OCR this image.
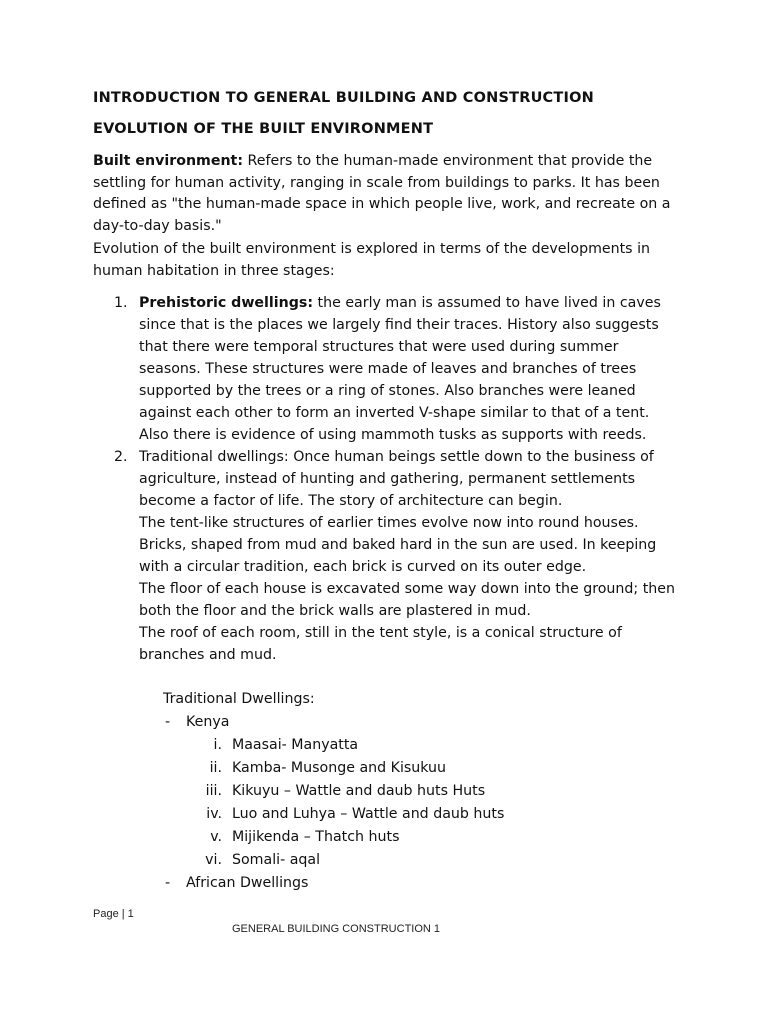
INTRODUCTION TO GENERAL BUILDING AND CONSTRUCTION
EVOLUTION OF THE BUILT ENVIRONMENT
Built environment: Refers to the human-made environment that provide the settling for human activity, ranging in scale from buildings to parks. It has been defined as "the human-made space in which people live, work, and recreate on a day-to-day basis."
Evolution of the built environment is explored in terms of the developments in human habitation in three stages:
1. Prehistoric dwellings: the early man is assumed to have lived in caves since that is the places we largely find their traces. History also suggests that there were temporal structures that were used during summer seasons. These structures were made of leaves and branches of trees supported by the trees or a ring of stones. Also branches were leaned against each other to form an inverted V-shape similar to that of a tent. Also there is evidence of using mammoth tusks as supports with reeds.
2. Traditional dwellings: Once human beings settle down to the business of agriculture, instead of hunting and gathering, permanent settlements become a factor of life. The story of architecture can begin.
The tent-like structures of earlier times evolve now into round houses. Bricks, shaped from mud and baked hard in the sun are used. In keeping with a circular tradition, each brick is curved on its outer edge.
The floor of each house is excavated some way down into the ground; then both the floor and the brick walls are plastered in mud.
The roof of each room, still in the tent style, is a conical structure of branches and mud.
Traditional Dwellings:
- Kenya
i. Maasai- Manyatta
ii. Kamba- Musonge and Kisukuu
iii. Kikuyu – Wattle and daub huts Huts
iv. Luo and Luhya – Wattle and daub huts
v. Mijikenda – Thatch huts
vi. Somali- aqal
- African Dwellings
Page | 1
GENERAL BUILDING CONSTRUCTION 1
